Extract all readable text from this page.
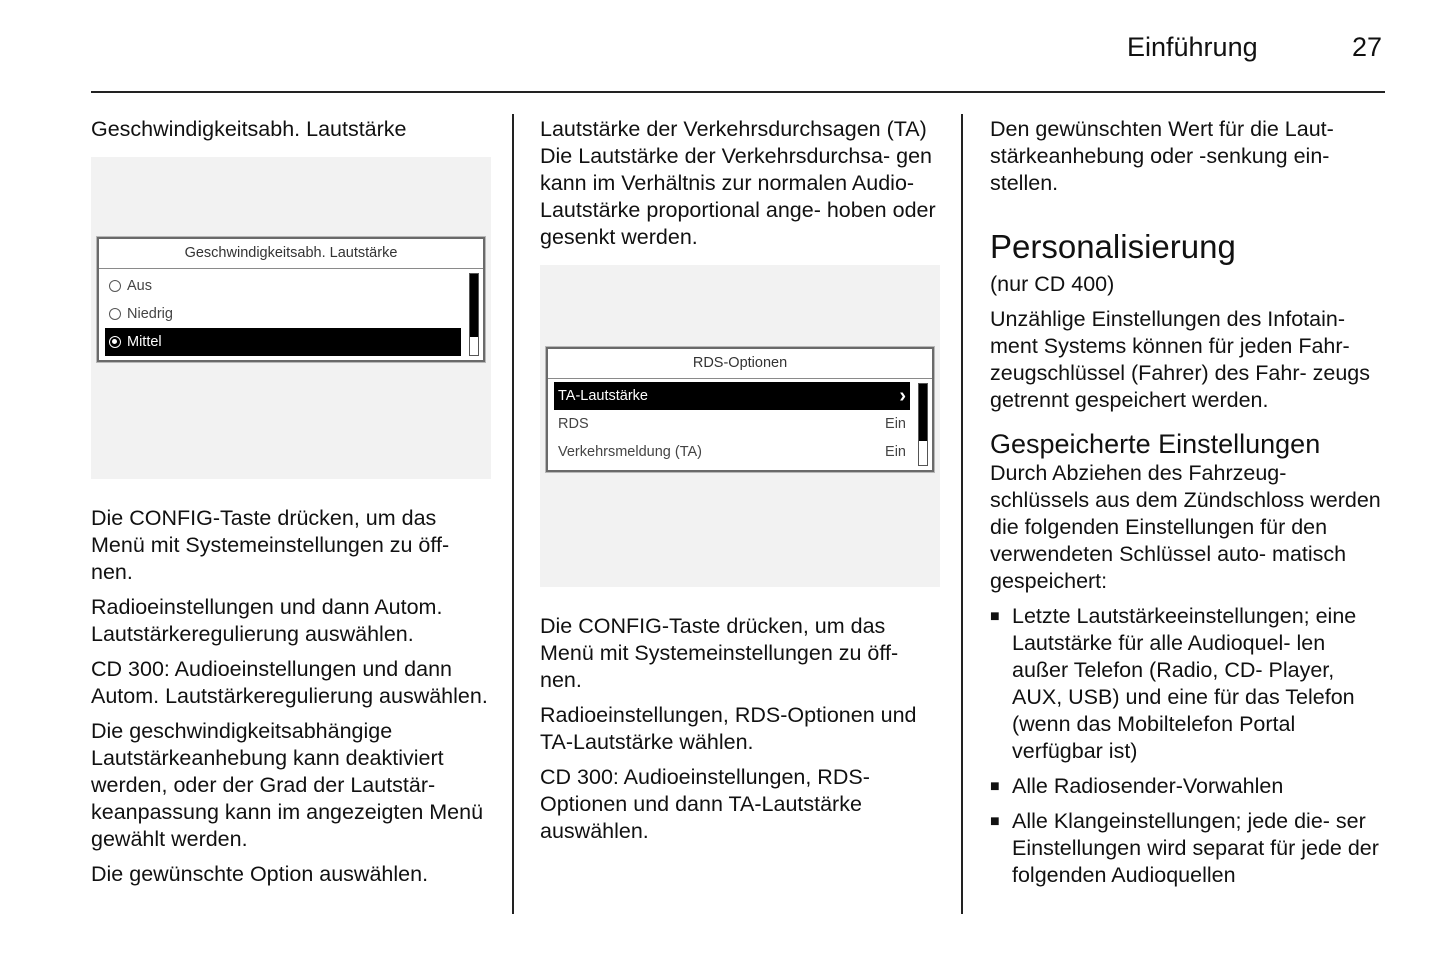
Einführung	27

Geschwindigkeitsabh. Lautstärke

Geschwindigkeitsabh. Lautstärke
Aus
Niedrig
Mittel

Die CONFIG-Taste drücken, um das Menü mit Systemeinstellungen zu öff- nen.

Radioeinstellungen und dann Autom. Lautstärkeregulierung auswählen.

CD 300: Audioeinstellungen und dann Autom. Lautstärkeregulierung auswählen.

Die geschwindigkeitsabhängige Lautstärkeanhebung kann deaktiviert werden, oder der Grad der Lautstär- keanpassung kann im angezeigten Menü gewählt werden.

Die gewünschte Option auswählen.

Lautstärke der Verkehrsdurchsagen (TA)

Die Lautstärke der Verkehrsdurchsa- gen kann im Verhältnis zur normalen Audio-Lautstärke proportional ange- hoben oder gesenkt werden.

RDS-Optionen
TA-Lautstärke	›
RDS	Ein
Verkehrsmeldung (TA)	Ein

Die CONFIG-Taste drücken, um das Menü mit Systemeinstellungen zu öff- nen.

Radioeinstellungen, RDS-Optionen und TA-Lautstärke wählen.

CD 300: Audioeinstellungen, RDS- Optionen und dann TA-Lautstärke auswählen.

Den gewünschten Wert für die Laut- stärkeanhebung oder -senkung ein- stellen.

Personalisierung

(nur CD 400)

Unzählige Einstellungen des Infotain- ment Systems können für jeden Fahr- zeugschlüssel (Fahrer) des Fahr- zeugs getrennt gespeichert werden.

Gespeicherte Einstellungen

Durch Abziehen des Fahrzeug- schlüssels aus dem Zündschloss werden die folgenden Einstellungen für den verwendeten Schlüssel auto- matisch gespeichert:

■ Letzte Lautstärkeeinstellungen; eine Lautstärke für alle Audioquel- len außer Telefon (Radio, CD- Player, AUX, USB) und eine für das Telefon (wenn das Mobiltelefon Portal verfügbar ist)
■ Alle Radiosender-Vorwahlen
■ Alle Klangeinstellungen; jede die- ser Einstellungen wird separat für jede der folgenden Audioquellen
